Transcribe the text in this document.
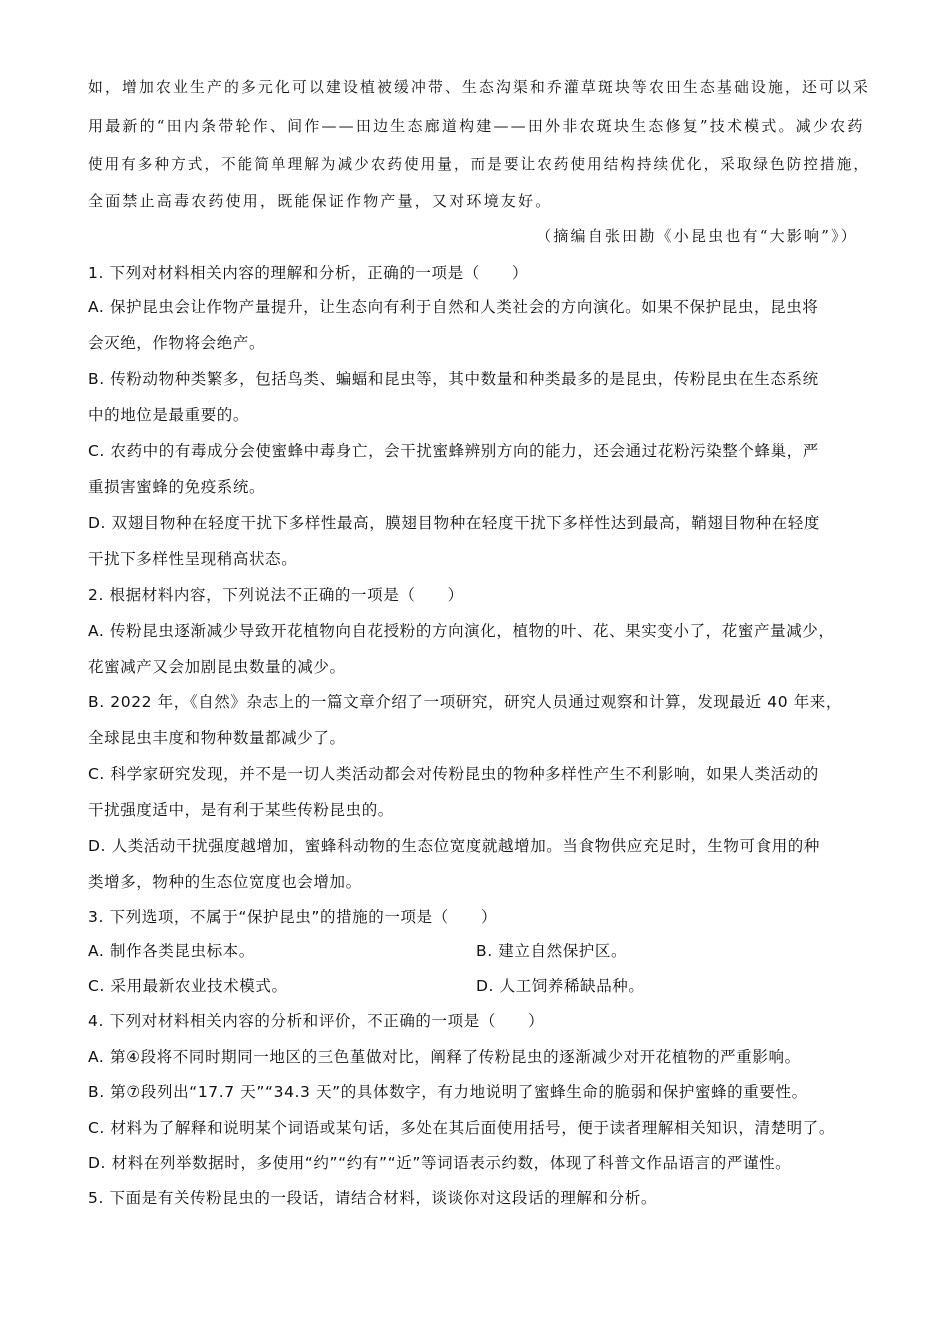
如，增加农业生产的多元化可以建设植被缓冲带、生态沟渠和乔灌草斑块等农田生态基础设施，还可以采
用最新的“田内条带轮作、间作——田边生态廊道构建——田外非农斑块生态修复”技术模式。减少农药
使用有多种方式，不能简单理解为减少农药使用量，而是要让农药使用结构持续优化，采取绿色防控措施，
全面禁止高毒农药使用，既能保证作物产量，又对环境友好。
（摘编自张田勘《小昆虫也有“大影响”》）
1. 下列对材料相关内容的理解和分析，正确的一项是（　　）
A. 保护昆虫会让作物产量提升，让生态向有利于自然和人类社会的方向演化。如果不保护昆虫，昆虫将
会灭绝，作物将会绝产。
B. 传粉动物种类繁多，包括鸟类、蝙蝠和昆虫等，其中数量和种类最多的是昆虫，传粉昆虫在生态系统
中的地位是最重要的。
C. 农药中的有毒成分会使蜜蜂中毒身亡，会干扰蜜蜂辨别方向的能力，还会通过花粉污染整个蜂巢，严
重损害蜜蜂的免疫系统。
D. 双翅目物种在轻度干扰下多样性最高，膜翅目物种在轻度干扰下多样性达到最高，鞘翅目物种在轻度
干扰下多样性呈现稍高状态。
2. 根据材料内容，下列说法不正确的一项是（　　）
A. 传粉昆虫逐渐减少导致开花植物向自花授粉的方向演化，植物的叶、花、果实变小了，花蜜产量减少，
花蜜减产又会加剧昆虫数量的减少。
B. 2022 年，《自然》杂志上的一篇文章介绍了一项研究，研究人员通过观察和计算，发现最近 40 年来，
全球昆虫丰度和物种数量都减少了。
C. 科学家研究发现，并不是一切人类活动都会对传粉昆虫的物种多样性产生不利影响，如果人类活动的
干扰强度适中，是有利于某些传粉昆虫的。
D. 人类活动干扰强度越增加，蜜蜂科动物的生态位宽度就越增加。当食物供应充足时，生物可食用的种
类增多，物种的生态位宽度也会增加。
3. 下列选项，不属于“保护昆虫”的措施的一项是（　　）
A. 制作各类昆虫标本。	B. 建立自然保护区。
C. 采用最新农业技术模式。	D. 人工饲养稀缺品种。
4. 下列对材料相关内容的分析和评价，不正确的一项是（　　）
A. 第④段将不同时期同一地区的三色堇做对比，阐释了传粉昆虫的逐渐减少对开花植物的严重影响。
B. 第⑦段列出“17.7 天”“34.3 天”的具体数字，有力地说明了蜜蜂生命的脆弱和保护蜜蜂的重要性。
C. 材料为了解释和说明某个词语或某句话，多处在其后面使用括号，便于读者理解相关知识，清楚明了。
D. 材料在列举数据时，多使用“约”“约有”“近”等词语表示约数，体现了科普文作品语言的严谨性。
5. 下面是有关传粉昆虫的一段话，请结合材料，谈谈你对这段话的理解和分析。
